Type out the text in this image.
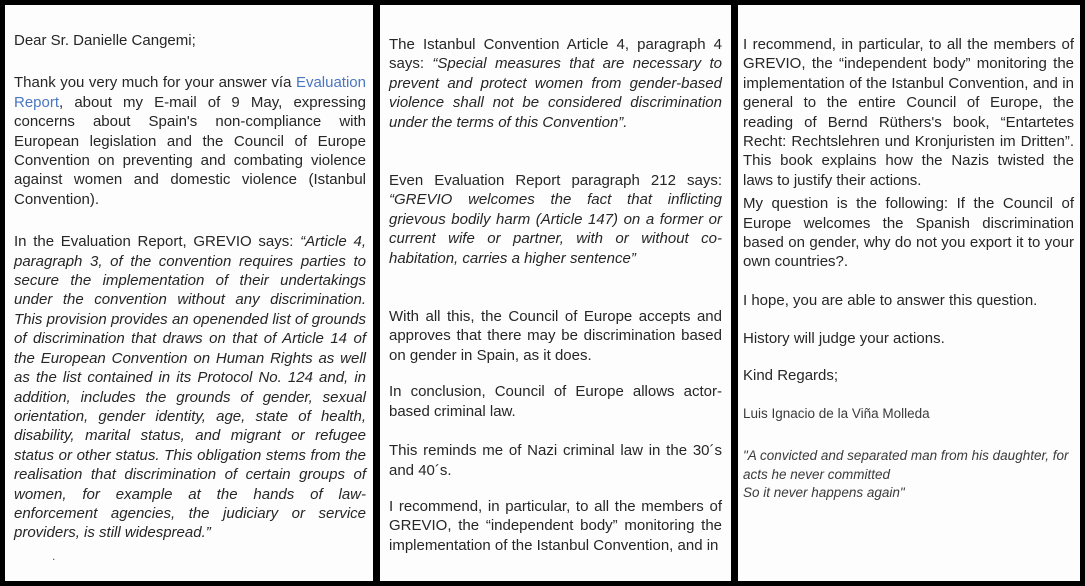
Dear Sr. Danielle Cangemi;

Thank you very much for your answer vía Evaluation Report, about my E-mail of 9 May, expressing concerns about Spain's non-compliance with European legislation and the Council of Europe Convention on preventing and combating violence against women and domestic violence (Istanbul Convention).

In the Evaluation Report, GREVIO says: “Article 4, paragraph 3, of the convention requires parties to secure the implementation of their undertakings under the convention without any discrimination. This provision provides an openended list of grounds of discrimination that draws on that of Article 14 of the European Convention on Human Rights as well as the list contained in its Protocol No. 124 and, in addition, includes the grounds of gender, sexual orientation, gender identity, age, state of health, disability, marital status, and migrant or refugee status or other status. This obligation stems from the realisation that discrimination of certain groups of women, for example at the hands of law-enforcement agencies, the judiciary or service providers, is still widespread.”

.

The Istanbul Convention Article 4, paragraph 4 says: “Special measures that are necessary to prevent and protect women from gender-based violence shall not be considered discrimination under the terms of this Convention”.

Even Evaluation Report paragraph 212 says: “GREVIO welcomes the fact that inflicting grievous bodily harm (Article 147) on a former or current wife or partner, with or without co-habitation, carries a higher sentence”

With all this, the Council of Europe accepts and approves that there may be discrimination based on gender in Spain, as it does.

In conclusion, Council of Europe allows actor-based criminal law.

This reminds me of Nazi criminal law in the 30´s and 40´s.

I recommend, in particular, to all the members of GREVIO, the “independent body” monitoring the implementation of the Istanbul Convention, and in

I recommend, in particular, to all the members of GREVIO, the “independent body” monitoring the implementation of the Istanbul Convention, and in general to the entire Council of Europe, the reading of Bernd Rüthers's book, “Entartetes Recht: Rechtslehren und Kronjuristen im Dritten”. This book explains how the Nazis twisted the laws to justify their actions.

My question is the following: If the Council of Europe welcomes the Spanish discrimination based on gender, why do not you export it to your own countries?.

I hope, you are able to answer this question.

History will judge your actions.

Kind Regards;

Luis Ignacio de la Viña Molleda

"A convicted and separated man from his daughter, for acts he never committed
So it never happens again"
